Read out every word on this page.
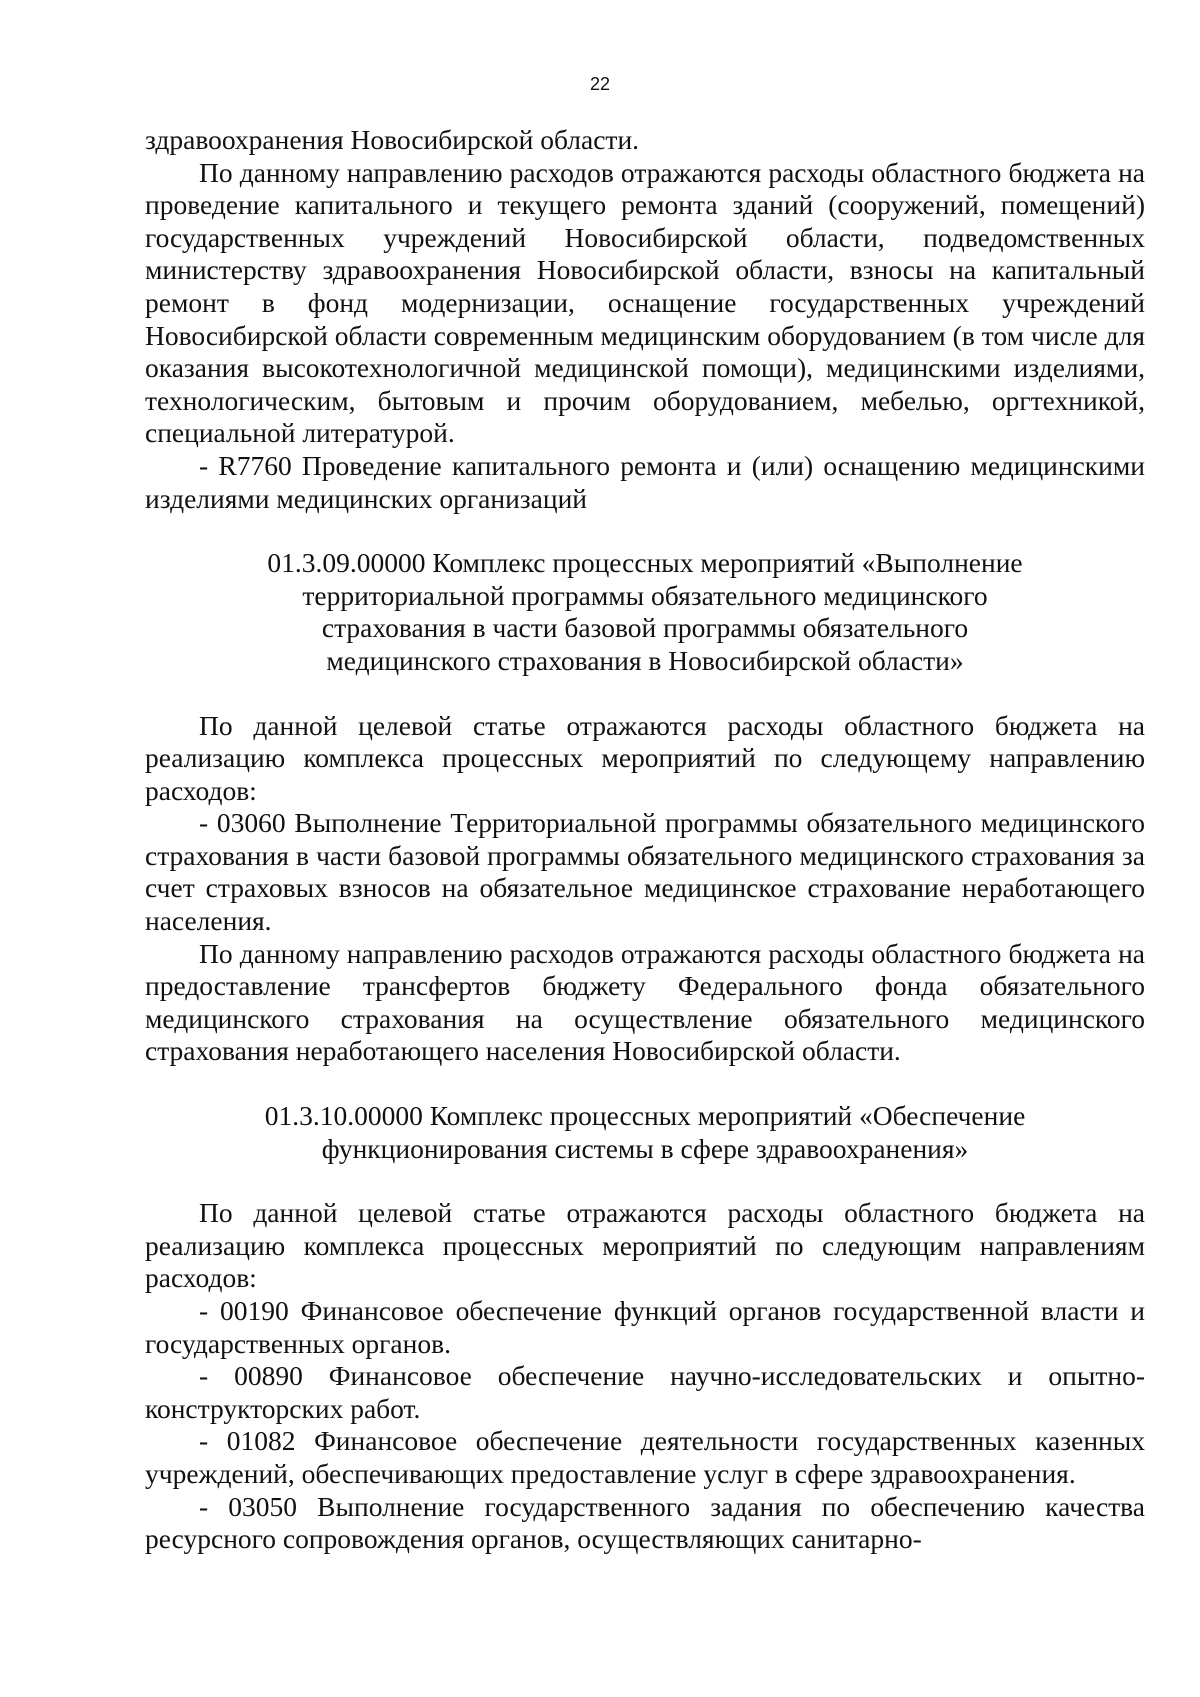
22

здравоохранения Новосибирской области.

По данному направлению расходов отражаются расходы областного бюджета на проведение капитального и текущего ремонта зданий (сооружений, помещений) государственных учреждений Новосибирской области, подведомственных министерству здравоохранения Новосибирской области, взносы на капитальный ремонт в фонд модернизации, оснащение государственных учреждений Новосибирской области современным медицинским оборудованием (в том числе для оказания высокотехнологичной медицинской помощи), медицинскими изделиями, технологическим, бытовым и прочим оборудованием, мебелью, оргтехникой, специальной литературой.

- R7760 Проведение капитального ремонта и (или) оснащению медицинскими изделиями медицинских организаций

01.3.09.00000 Комплекс процессных мероприятий «Выполнение
территориальной программы обязательного медицинского
страхования в части базовой программы обязательного
медицинского страхования в Новосибирской области»

По данной целевой статье отражаются расходы областного бюджета на реализацию комплекса процессных мероприятий по следующему направлению расходов:

- 03060 Выполнение Территориальной программы обязательного медицинского страхования в части базовой программы обязательного медицинского страхования за счет страховых взносов на обязательное медицинское страхование неработающего населения.

По данному направлению расходов отражаются расходы областного бюджета на предоставление трансфертов бюджету Федерального фонда обязательного медицинского страхования на осуществление обязательного медицинского страхования неработающего населения Новосибирской области.

01.3.10.00000 Комплекс процессных мероприятий «Обеспечение
функционирования системы в сфере здравоохранения»

По данной целевой статье отражаются расходы областного бюджета на реализацию комплекса процессных мероприятий по следующим направлениям расходов:

- 00190 Финансовое обеспечение функций органов государственной власти и государственных органов.

- 00890 Финансовое обеспечение научно-исследовательских и опытно-конструкторских работ.

- 01082 Финансовое обеспечение деятельности государственных казенных учреждений, обеспечивающих предоставление услуг в сфере здравоохранения.

- 03050 Выполнение государственного задания по обеспечению качества ресурсного сопровождения органов, осуществляющих санитарно-
